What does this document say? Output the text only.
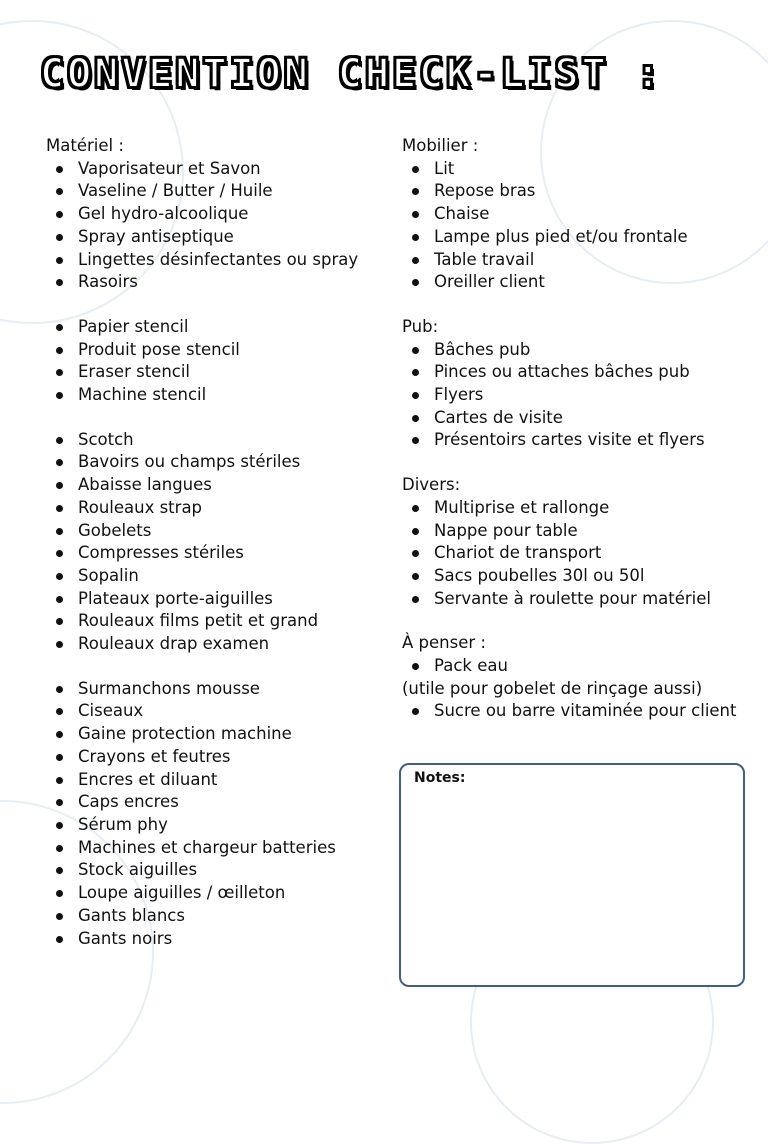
CONVENTION CHECK-LIST :

Matériel :

Vaporisateur et Savon
Vaseline / Butter / Huile
Gel hydro-alcoolique
Spray antiseptique
Lingettes désinfectantes ou spray
Rasoirs
Papier stencil
Produit pose stencil
Eraser stencil
Machine stencil
Scotch
Bavoirs ou champs stériles
Abaisse langues
Rouleaux strap
Gobelets
Compresses stériles
Sopalin
Plateaux porte-aiguilles
Rouleaux films petit et grand
Rouleaux drap examen
Surmanchons mousse
Ciseaux
Gaine protection machine
Crayons et feutres
Encres et diluant
Caps encres
Sérum phy
Machines et chargeur batteries
Stock aiguilles
Loupe aiguilles / œilleton
Gants blancs
Gants noirs

Mobilier :

Lit
Repose bras
Chaise
Lampe plus pied et/ou frontale
Table travail
Oreiller client

Pub:

Bâches pub
Pinces ou attaches bâches pub
Flyers
Cartes de visite
Présentoirs cartes visite et flyers

Divers:

Multiprise et rallonge
Nappe pour table
Chariot de transport
Sacs poubelles 30l ou 50l
Servante à roulette pour matériel

À penser :

Pack eau

(utile pour gobelet de rinçage aussi)

Sucre ou barre vitaminée pour client
Notes:
